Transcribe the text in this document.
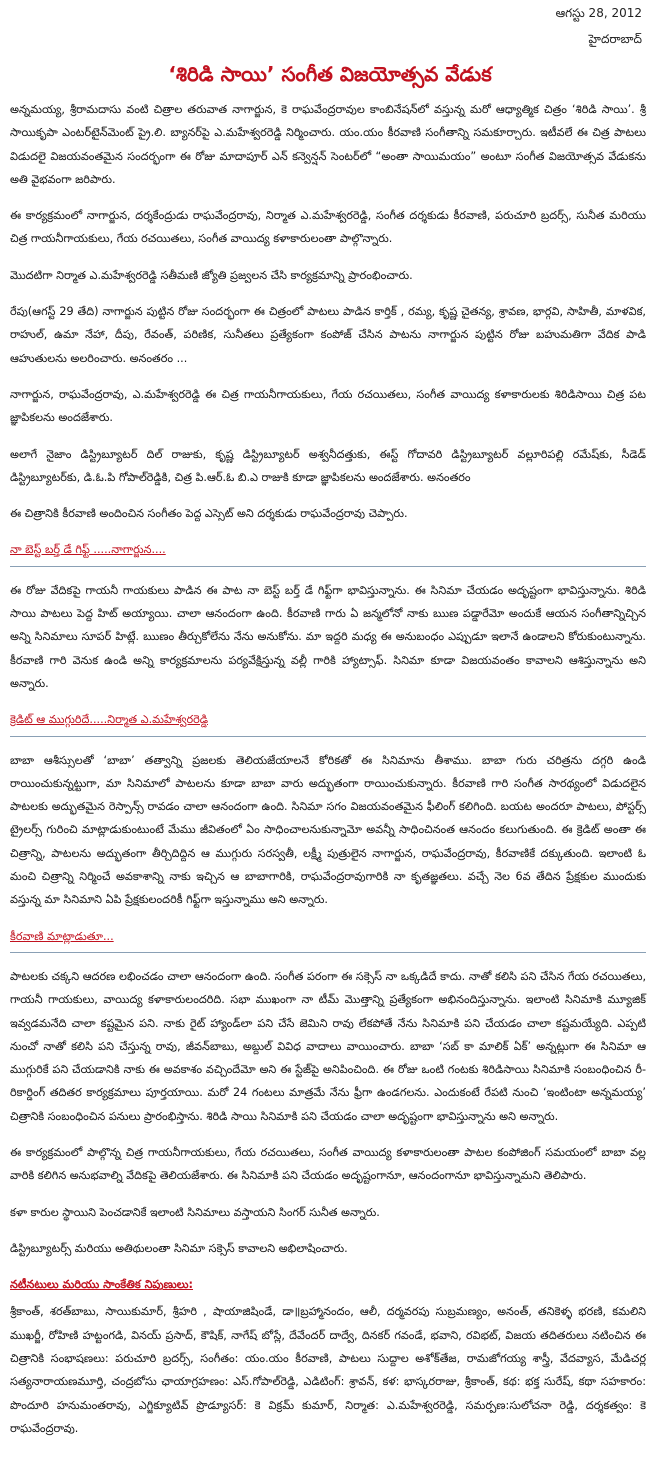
ఆగస్టు 28, 2012
హైదరాబాద్
‘శిరిడి సాయి’ సంగీత విజయోత్సవ వేడుక

అన్నమయ్య, శ్రీరామదాసు వంటి చిత్రాల తరువాత నాగార్జున, కె రాఘవేంద్రరావుల కాంబినేషన్‌లో వస్తున్న మరో ఆధ్యాత్మిక చిత్రం ‘శిరిడి సాయి’. శ్రీ సాయికృపా ఎంటర్‌టైన్‌మెంట్ ప్రై.లి. బ్యానర్‌పై ఎ.మహేశ్వరరెడ్డి నిర్మించారు. యం.యం కీరవాణి సంగీతాన్ని సమకూర్చారు. ఇటీవలే ఈ చిత్ర పాటలు విడుదలై విజయవంతమైన సందర్భంగా ఈ రోజు మాదాపూర్ ఎన్ కన్వెన్షన్ సెంటర్‌లో “అంతా సాయిమయం” అంటూ సంగీత విజయోత్సవ వేడుకను అతి వైభవంగా జరిపారు.

ఈ కార్యక్రమంలో నాగార్జున, దర్శకేంద్రుడు రాఘవేంద్రరావు, నిర్మాత ఎ.మహేశ్వరరెడ్డి, సంగీత దర్శకుడు కీరవాణి, పరుచూరి బ్రదర్స్, సునీత మరియు చిత్ర గాయనీగాయకులు, గేయ రచయితలు, సంగీత వాయిద్య కళాకారులంతా పాల్గొన్నారు.

మొదటిగా నిర్మాత ఎ.మహేశ్వరరెడ్డి సతీమణి జ్యోతి ప్రజ్వలన చేసి కార్యక్రమాన్ని ప్రారంభించారు.

రేపు(ఆగస్ట్ 29 తేది) నాగార్జున పుట్టిన రోజు సందర్భంగా ఈ చిత్రంలో పాటలు పాడిన కార్తిక్ , రమ్య, కృష్ణ చైతన్య, శ్రావణ, భార్గవి, సాహితీ, మాళవిక, రాహుల్, ఉమా నేహా, దీపు, రేవంత్, పరిణిక, సునీతలు ప్రత్యేకంగా కంపోజ్ చేసిన పాటను నాగార్జున పుట్టిన రోజు బహుమతిగా వేదిక పాడి ఆహుతులను అలరించారు. అనంతరం ...

నాగార్జున, రాఘవేంద్రరావు, ఎ.మహేశ్వరరెడ్డి ఈ చిత్ర గాయనీగాయకులు, గేయ రచయితలు, సంగీత వాయిద్య కళాకారులకు శిరిడిసాయి చిత్ర పట జ్ఞాపికలను అందజేశారు.

అలాగే నైజాం డిస్ట్రిబ్యూటర్ దిల్ రాజుకు, కృష్ణ డిస్ట్రిబ్యూటర్ అశ్వనీదత్తుకు, ఈస్ట్ గోదావరి డిస్ట్రిబ్యూటర్ వల్లూరిపల్లి రమేష్‌కు, సీడెడ్ డిస్ట్రిబ్యూటర్‌కు, డి.ఓ.పి గోపాల్‌రెడ్డికి, చిత్ర పి.ఆర్.ఓ బి.ఎ రాజుకి కూడా జ్ఞాపికలను అందజేశారు. అనంతరం

ఈ చిత్రానికి కీరవాణి అందించిన సంగీతం పెద్ద ఎస్సెట్ అని దర్శకుడు రాఘవేంద్రరావు చెప్పారు.

నా బెస్ట్ బర్త్ డే గిఫ్ట్ .....నాగార్జున....

ఈ రోజు వేదికపై గాయనీ గాయకులు పాడిన ఈ పాట నా బెస్ట్ బర్త్ డే గిఫ్ట్‌గా భావిస్తున్నాను. ఈ సినిమా చేయడం అదృష్టంగా భావిస్తున్నాను. శిరిడి సాయి పాటలు పెద్ద హిట్ అయ్యాయి. చాలా ఆనందంగా ఉంది. కీరవాణి గారు ఏ జన్మలోనో నాకు ఋణ పడ్డారేమో అందుకే ఆయన సంగీతాన్నిచ్చిన అన్ని సినిమాలు సూపర్ హిట్లే. ఋణం తీర్చుకోలేను నేను అనుకోను. మా ఇద్దరి మధ్య ఈ అనుబంధం ఎప్పుడూ ఇలానే ఉండాలని కోరుకుంటున్నాను. కీరవాణి గారి వెనుక ఉండి అన్ని కార్యక్రమాలను పర్యవేక్షిస్తున్న వల్లీ గారికి హ్యాట్సాఫ్. సినిమా కూడా విజయవంతం కావాలని ఆశిస్తున్నాను అని అన్నారు.

క్రెడిట్ ఆ ముగ్గురిదే.....నిర్మాత ఎ.మహేశ్వరరెడ్డి

బాబా ఆశీస్సులతో ‘బాబా’ తత్వాన్ని ప్రజలకు తెలియజేయాలనే కోరికతో ఈ సినిమాను తీశాము. బాబా గురు చరిత్రను దగ్గరి ఉండి రాయించుకున్నట్టుగా, మా సినిమాలో పాటలను కూడా బాబా వారు అద్భుతంగా రాయించుకున్నారు. కీరవాణి గారి సంగీత సారథ్యంలో విడుదలైన పాటలకు అద్భుతమైన రెస్పాన్స్ రావడం చాలా ఆనందంగా ఉంది. సినిమా సగం విజయవంతమైన ఫీలింగ్ కలిగింది. బయట అందరూ పాటలు, పోస్టర్స్ ట్రైలర్స్ గురించి మాట్లాడుకుంటుంటే మేము జీవితంలో ఏం సాధించాలనుకున్నామో అవన్నీ సాధించినంత ఆనందం కలుగుతుంది. ఈ క్రెడిట్ అంతా ఈ చిత్రాన్ని, పాటలను అద్భుతంగా తీర్చిదిద్దిన ఆ ముగ్గురు సరస్వతీ, లక్ష్మీ పుత్రులైన నాగార్జున, రాఘవేంద్రరావు, కీరవాణికే దక్కుతుంది. ఇలాంటి ఓ మంచి చిత్రాన్ని నిర్మించే అవకాశాన్ని నాకు ఇచ్చిన ఆ బాబాగారికి, రాఘవేంద్రరావుగారికి నా కృతజ్ఞతలు. వచ్చే నెల 6వ తేదిన ప్రేక్షకుల ముందుకు వస్తున్న మా సినిమాని ఏపి ప్రేక్షకులందరికీ గిఫ్ట్‌గా ఇస్తున్నాము అని అన్నారు.

కీరవాణి మాట్లాడుతూ...

పాటలకు చక్కని ఆదరణ లభించడం చాలా ఆనందంగా ఉంది. సంగీత పరంగా ఈ సక్సెస్ నా ఒక్కడిదే కాదు. నాతో కలిసి పని చేసిన గేయ రచయితలు, గాయనీ గాయకులు, వాయిద్య కళాకారులందరిది. సభా ముఖంగా నా టీమ్ మొత్తాన్ని ప్రత్యేకంగా అభినందిస్తున్నాను. ఇలాంటి సినిమాకి మ్యూజిక్ ఇవ్వడమనేది చాలా కష్టమైన పని. నాకు రైట్ హ్యాండ్‌లా పని చేసే జెమిని రావు లేకపోతే నేను సినిమాకి పని చేయడం చాలా కష్టమయ్యేది. ఎప్పటి నుంచో నాతో కలిసి పని చేస్తున్న రావు, జీవన్‌బాబు, అబ్దుల్ వివిధ వాదాలు వాయించారు. బాబా ‘సబ్ కా మాలిక్ ఏక్’ అన్నట్లుగా ఈ సినిమా ఆ ముగ్గురికే పని చేయడానికి నాకు ఈ అవకాశం వచ్చిందేమో అని ఈ స్టేజ్‌పై అనిపించింది. ఈ రోజు ఒంటి గంటకు శిరిడిసాయి సినిమాకి సంబంధించిన రీ-రికార్డింగ్ తదితర కార్యక్రమాలు పూర్తయాయి. మరో 24 గంటలు మాత్రమే నేను ఫ్రీగా ఉండగలను. ఎందుకంటే రేపటి నుంచి ‘ఇంటింటా అన్నమయ్య’ చిత్రానికి సంబంధించిన పనులు ప్రారంభిస్తాను. శిరిడి సాయి సినిమాకి పని చేయడం చాలా అదృష్టంగా భావిస్తున్నాను అని అన్నారు.

ఈ కార్యక్రమంలో పాల్గొన్న చిత్ర గాయనీగాయకులు, గేయ రచయితలు, సంగీత వాయిద్య కళాకారులంతా పాటల కంపోజింగ్ సమయంలో బాబా వల్ల వారికి కలిగిన అనుభవాల్ని వేదికపై తెలియజేశారు. ఈ సినిమాకి పని చేయడం అదృష్టంగానూ, ఆనందంగానూ భావిస్తున్నామని తెలిపారు.

కళా కారుల స్థాయిని పెంచడానికే ఇలాంటి సినిమాలు వస్తాయని సింగర్ సునీత అన్నారు.

డిస్ట్రిబ్యూటర్స్ మరియు అతిథులంతా సినిమా సక్సెస్ కావాలని అభిలాషించారు.

నటీనటులు మరియు సాంకేతిక నిపుణులు:

శ్రీకాంత్, శరత్‌బాబు, సాయికుమార్, శ్రీహరి , షాయాజిషిండే, డా॥బ్రహ్మానందం, ఆలీ, దర్మవరపు సుబ్రమణ్యం, అనంత్, తనికెళ్ళ భరణి, కమలిని ముఖర్జీ, రోహిణి హట్టంగడి, వినయ్ ప్రసాద్, కౌషిక్, నాగేష్ బోస్లే, దేవేందర్ దాద్వే, దినకర్ గవండే, భవాని, రవిభట్, విజయ తదితరులు నటించిన ఈ చిత్రానికి సంభాషణలు: పరుచూరి బ్రదర్స్, సంగీతం: యం.యం కీరవాణి, పాటలు సుద్దాల అశోక్‌తేజ, రామజోగయ్య శాస్త్రీ, వేదవ్యాస, మేడిచర్ల సత్యనారాయణమూర్తి, చంద్రబోసు ఛాయాగ్రహణం: ఎస్.గోపాల్‌రెడ్డి, ఎడిటింగ్: శ్రావన్, కళ: భాస్కరరాజు, శ్రీకాంత్, కథ: భక్త సురేష్, కథా సహకారం: పొందూరి హనుమంతరావు, ఎగ్జిక్యూటివ్ ప్రొడ్యూసర్: కె విక్రమ్ కుమార్, నిర్మాత: ఎ.మహేశ్వరరెడ్డి, సమర్పణ:సులోచనా రెడ్డి, దర్శకత్వం: కె రాఘవేంద్రరావు.
